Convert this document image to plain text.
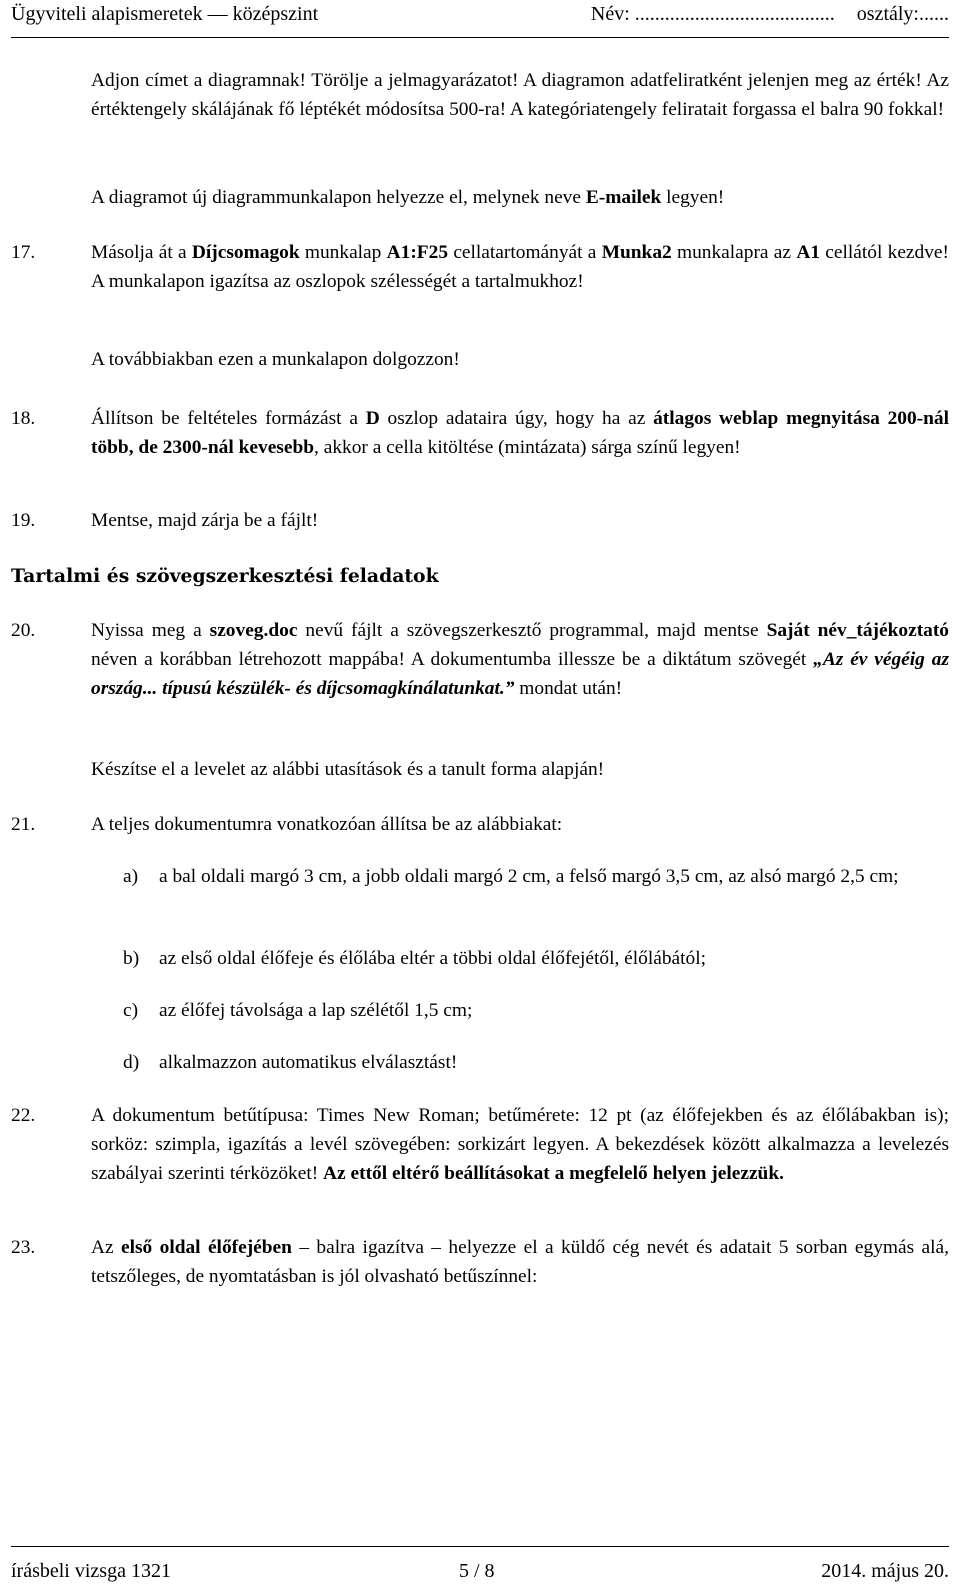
Ügyviteli alapismeretek — középszint	Név: ........................................ osztály:......
Adjon címet a diagramnak! Törölje a jelmagyarázatot! A diagramon adatfeliratként jelenjen meg az érték! Az értéktengely skálájának fő léptékét módosítsa 500-ra! A kategóriatengely feliratait forgassa el balra 90 fokkal!
A diagramot új diagrammunkalapon helyezze el, melynek neve E-mailek legyen!
17.	Másolja át a Díjcsomagok munkalap A1:F25 cellatartományát a Munka2 munkalapra az A1 cellától kezdve! A munkalapon igazítsa az oszlopok szélességét a tartalmukhoz!
A továbbiakban ezen a munkalapon dolgozzon!
18.	Állítson be feltételes formázást a D oszlop adataira úgy, hogy ha az átlagos weblap megnyitása 200-nál több, de 2300-nál kevesebb, akkor a cella kitöltése (mintázata) sárga színű legyen!
19.	Mentse, majd zárja be a fájlt!
Tartalmi és szövegszerkesztési feladatok
20.	Nyissa meg a szoveg.doc nevű fájlt a szövegszerkesztő programmal, majd mentse Saját név_tájékoztató néven a korábban létrehozott mappába! A dokumentumba illessze be a diktátum szövegét „Az év végéig az ország... típusú készülék- és díjcsomagkínálatunkat.” mondat után!
Készítse el a levelet az alábbi utasítások és a tanult forma alapján!
21.	A teljes dokumentumra vonatkozóan állítsa be az alábbiakat:
a)	a bal oldali margó 3 cm, a jobb oldali margó 2 cm, a felső margó 3,5 cm, az alsó margó 2,5 cm;
b)	az első oldal élőfeje és élőlába eltér a többi oldal élőfejétől, élőlábától;
c)	az élőfej távolsága a lap szélétől 1,5 cm;
d)	alkalmazzon automatikus elválasztást!
22.	A dokumentum betűtípusa: Times New Roman; betűmérete: 12 pt (az élőfejekben és az élőlábakban is); sorköz: szimpla, igazítás a levél szövegében: sorkizárt legyen. A bekezdések között alkalmazza a levelezés szabályai szerinti térközöket! Az ettől eltérő beállításokat a megfelelő helyen jelezzük.
23.	Az első oldal élőfejében – balra igazítva – helyezze el a küldő cég nevét és adatait 5 sorban egymás alá, tetszőleges, de nyomtatásban is jól olvasható betűszínnel:
írásbeli vizsga 1321	5 / 8	2014. május 20.
